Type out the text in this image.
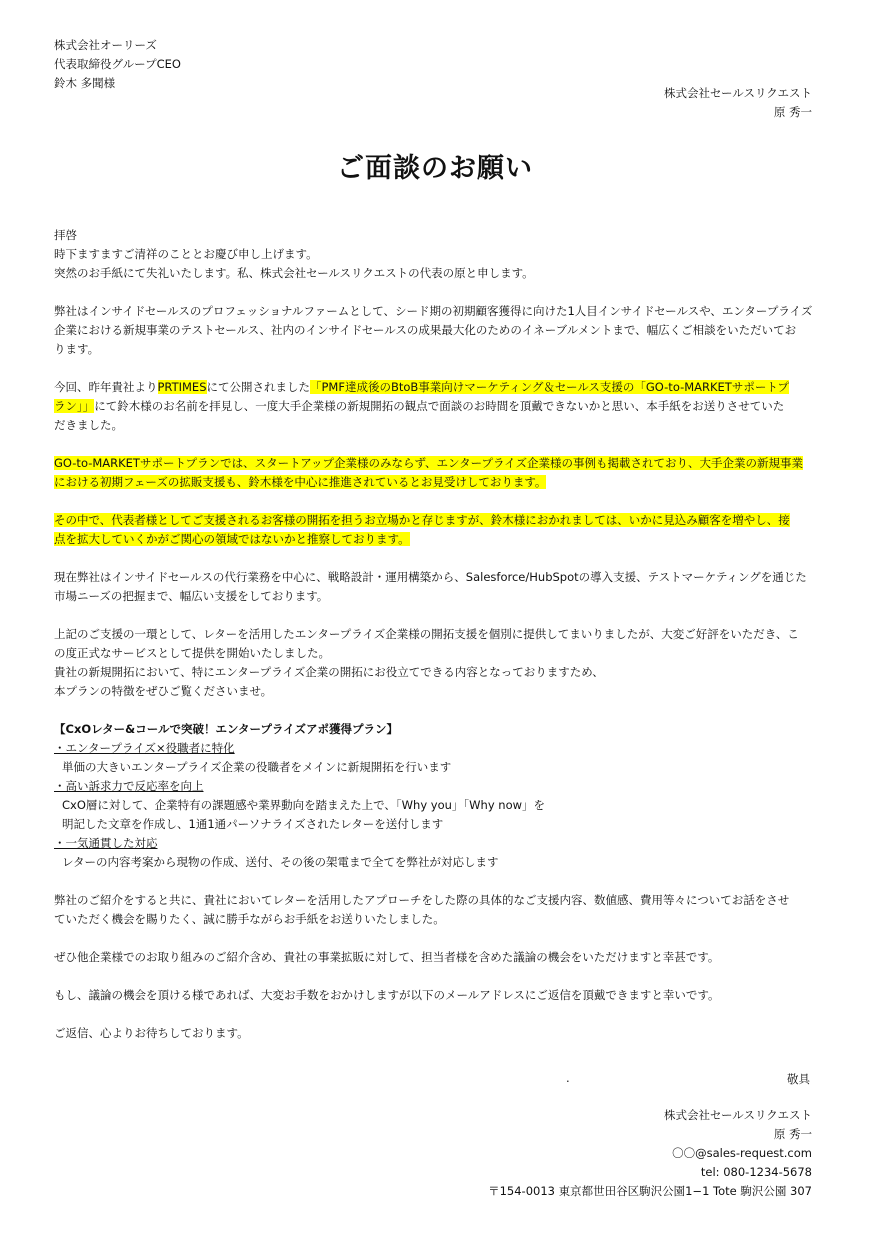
株式会社オーリーズ
代表取締役グループCEO
鈴木 多聞様
株式会社セールスリクエスト
原 秀一
ご面談のお願い

拝啓

時下ますますご清祥のこととお慶び申し上げます。

突然のお手紙にて失礼いたします。私、株式会社セールスリクエストの代表の原と申します。

弊社はインサイドセールスのプロフェッショナルファームとして、シード期の初期顧客獲得に向けた1人目インサイドセールスや、エンタープライズ

企業における新規事業のテストセールス、社内のインサイドセールスの成果最大化のためのイネーブルメントまで、幅広くご相談をいただいてお

ります。

今回、昨年貴社よりPRTIMESにて公開されました「PMF達成後のBtoB事業向けマーケティング＆セールス支援の「GO-to-MARKETサポートプ

ラン」」にて鈴木様のお名前を拝見し、一度大手企業様の新規開拓の観点で面談のお時間を頂戴できないかと思い、本手紙をお送りさせていた

だきました。

GO-to-MARKETサポートプランでは、スタートアップ企業様のみならず、エンタープライズ企業様の事例も掲載されており、大手企業の新規事業

における初期フェーズの拡販支援も、鈴木様を中心に推進されているとお見受けしております。

その中で、代表者様としてご支援されるお客様の開拓を担うお立場かと存じますが、鈴木様におかれましては、いかに見込み顧客を増やし、接

点を拡大していくかがご関心の領域ではないかと推察しております。

現在弊社はインサイドセールスの代行業務を中心に、戦略設計・運用構築から、Salesforce/HubSpotの導入支援、テストマーケティングを通じた

市場ニーズの把握まで、幅広い支援をしております。

上記のご支援の一環として、レターを活用したエンタープライズ企業様の開拓支援を個別に提供してまいりましたが、大変ご好評をいただき、こ

の度正式なサービスとして提供を開始いたしました。

貴社の新規開拓において、特にエンタープライズ企業の開拓にお役立てできる内容となっておりますため、

本プランの特徴をぜひご覧くださいませ。

【CxOレター&コールで突破！エンタープライズアポ獲得プラン】

・エンタープライズ×役職者に特化

単価の大きいエンタープライズ企業の役職者をメインに新規開拓を行います

・高い訴求力で反応率を向上

CxO層に対して、企業特有の課題感や業界動向を踏まえた上で、「Why you」「Why now」を

明記した文章を作成し、1通1通パーソナライズされたレターを送付します

・一気通貫した対応

レターの内容考案から現物の作成、送付、その後の架電まで全てを弊社が対応します

弊社のご紹介をすると共に、貴社においてレターを活用したアプローチをした際の具体的なご支援内容、数値感、費用等々についてお話をさせ

ていただく機会を賜りたく、誠に勝手ながらお手紙をお送りいたしました。

ぜひ他企業様でのお取り組みのご紹介含め、貴社の事業拡販に対して、担当者様を含めた議論の機会をいただけますと幸甚です。

もし、議論の機会を頂ける様であれば、大変お手数をおかけしますが以下のメールアドレスにご返信を頂戴できますと幸いです。

ご返信、心よりお待ちしております。

.	敬具
株式会社セールスリクエスト
原 秀一
〇〇@sales-request.com
tel: 080-1234-5678
〒154-0013 東京都世田谷区駒沢公園1−1 Tote 駒沢公園 307
